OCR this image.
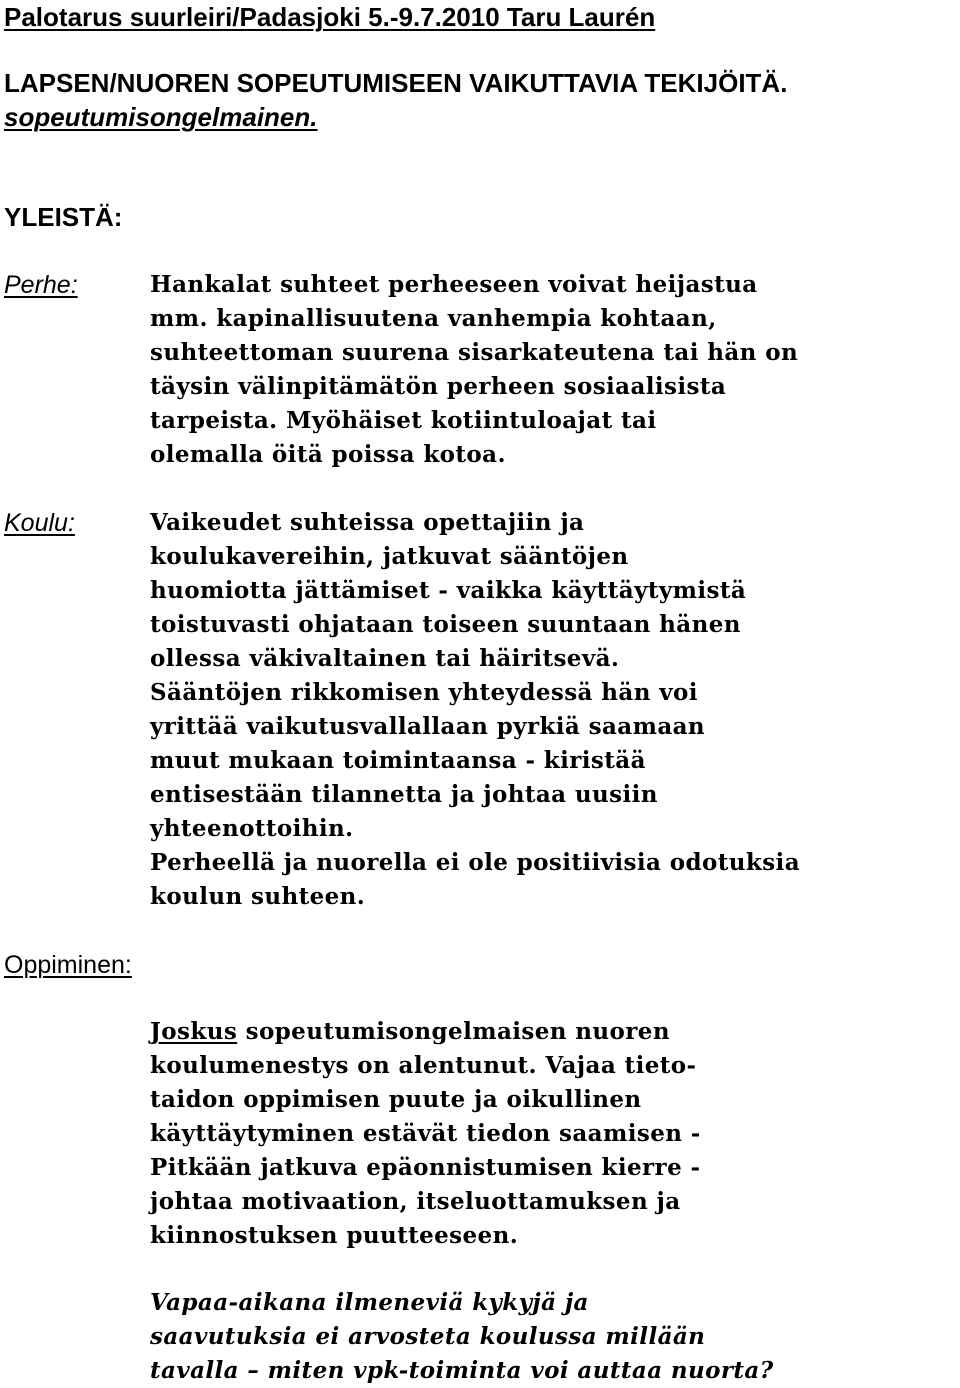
Palotarus suurleiri/Padasjoki 5.-9.7.2010 Taru Laurén
LAPSEN/NUOREN SOPEUTUMISEEN VAIKUTTAVIA TEKIJÖITÄ.
sopeutumisongelmainen.
YLEISTÄ:
Perhe:	Hankalat suhteet perheeseen voivat heijastua
mm. kapinallisuutena vanhempia kohtaan,
suhteettoman suurena sisarkateutena tai hän on
täysin välinpitämätön perheen sosiaalisista
tarpeista. Myöhäiset kotiintuloajat tai
olemalla öitä poissa kotoa.
Koulu:	Vaikeudet suhteissa opettajiin ja
koulukavereihin, jatkuvat sääntöjen
huomiotta jättämiset - vaikka käyttäytymistä
toistuvasti ohjataan toiseen suuntaan hänen
ollessa väkivaltainen tai häiritsevä.
Sääntöjen rikkomisen yhteydessä hän voi
yrittää vaikutusvallallaan pyrkiä saamaan
muut mukaan toimintaansa - kiristää
entisestään tilannetta ja johtaa uusiin
yhteenottoihin.
Perheellä ja nuorella ei ole positiivisia odotuksia
koulun suhteen.
Oppiminen:
Joskus sopeutumisongelmaisen nuoren
koulumenestys on alentunut. Vajaa tieto-
taidon oppimisen puute ja oikullinen
käyttäytyminen estävät tiedon saamisen -
Pitkään jatkuva epäonnistumisen kierre -
johtaa motivaation, itseluottamuksen ja
kiinnostuksen puutteeseen.
Vapaa-aikana ilmeneviä kykyjä ja
saavutuksia ei arvosteta koulussa millään
tavalla – miten vpk-toiminta voi auttaa nuorta?
